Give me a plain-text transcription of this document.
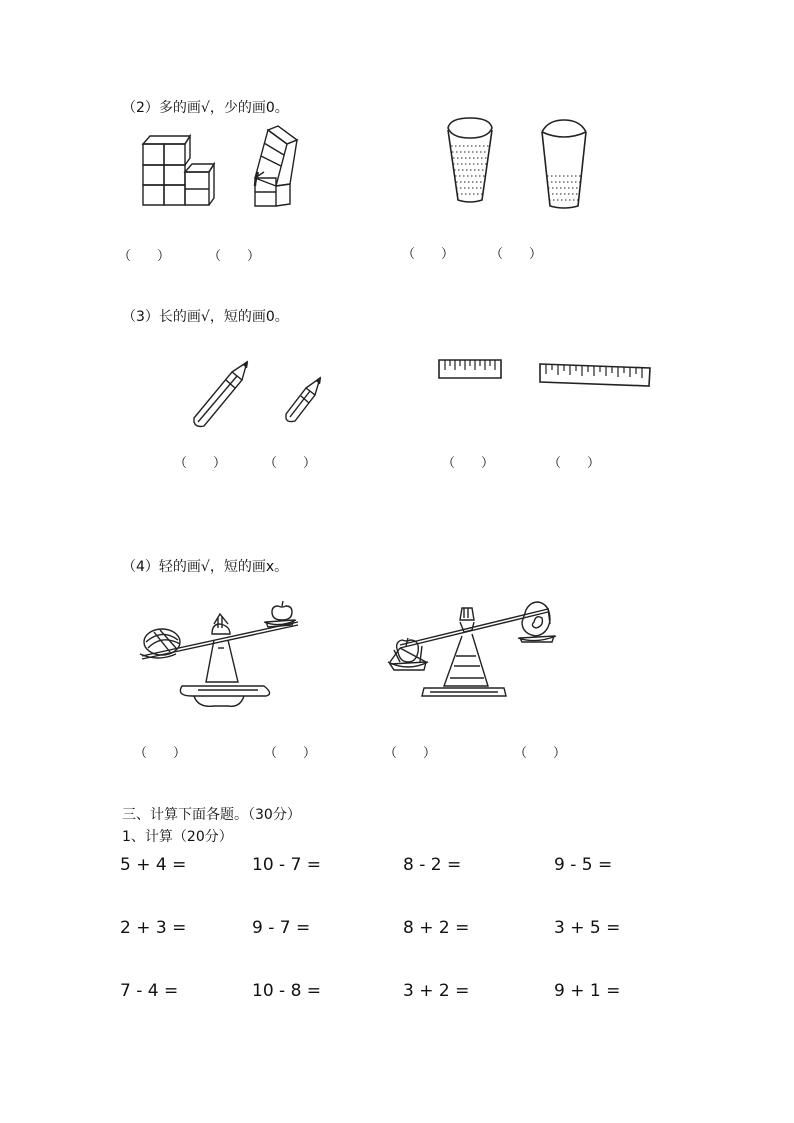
（2）多的画√，少的画0。
（　　）	（　　）	（　　）	（　　）
（3）长的画√，短的画0。
（　　）	（　　）	（　　）	（　　）
（4）轻的画√，短的画x。
（　　）	（　　）	（　　）	（　　）
三、计算下面各题。（30分）
1、计算（20分）
5 + 4 =	10 - 7 =	8 - 2 =	9 - 5 =
2 + 3 =	9 - 7 =	8 + 2 =	3 + 5 =
7 - 4 =	10 - 8 =	3 + 2 =	9 + 1 =
